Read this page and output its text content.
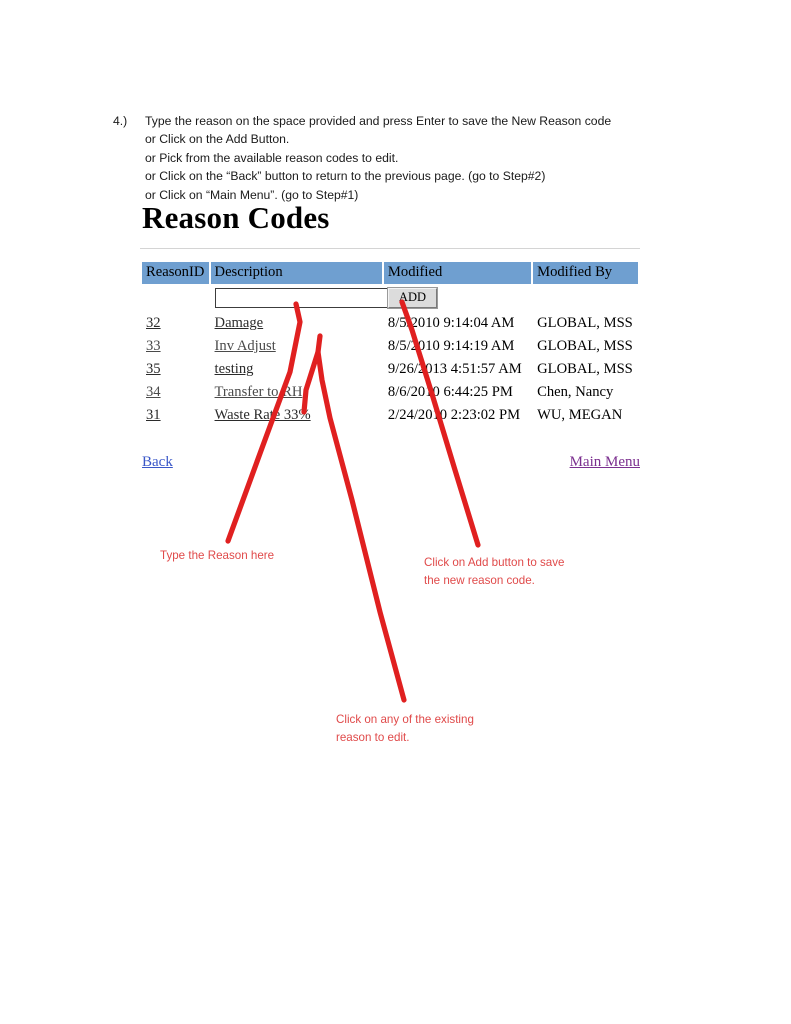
4.)	Type the reason on the space provided and press Enter to save the New Reason code
or Click on the Add Button.
or Pick from the available reason codes to edit.
or Click on the “Back” button to return to the previous page. (go to Step#2)
or Click on “Main Menu”. (go to Step#1)
Reason Codes
ReasonID	Description	Modified	Modified By
		ADD	
32	Damage	8/5/2010 9:14:04 AM	GLOBAL, MSS
33	Inv Adjust	8/5/2010 9:14:19 AM	GLOBAL, MSS
35	testing	9/26/2013 4:51:57 AM	GLOBAL, MSS
34	Transfer to RH	8/6/2010 6:44:25 PM	Chen, Nancy
31	Waste Rate 33%	2/24/2010 2:23:02 PM	WU, MEGAN
Back	Main Menu
Type the Reason here
Click on Add button to save the new reason code.
Click on any of the existing reason to edit.
